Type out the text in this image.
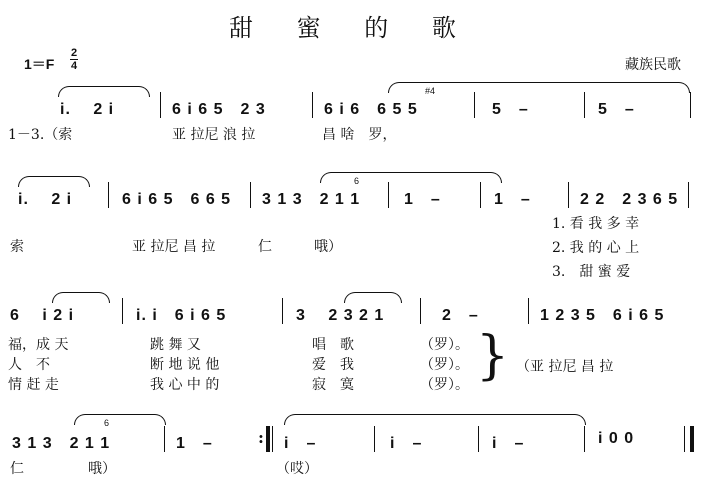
甜 蜜 的 歌
1＝F
2
4	藏族民歌
i.　 2 i	6 i 6 5　2 3	6 i 6　6 5 5
#4
5　–	5　–
1－3.（索	亚 拉尼 浪 拉	昌 啥　罗，
i.　 2 i	6 i 6 5　6 6 5 3 1 3　2 1 1
6
1　–	1　–	2 2　2 3 6 5
索	亚 拉尼 昌 拉	仁	哦）
1. 看 我 多 幸
2. 我 的 心 上
3.　甜 蜜 爱
6　 i 2 i	i. i　6 i 6 5	3　 2 3 2 1	2　–	1 2 3 5　6 i 6 5
福，成 天	跳 舞 又	唱　歌	（罗）。
人　不	断 地 说 他	爱　我	（罗）。
情 赶 走	我 心 中 的	寂　寞	（罗）。 } （亚 拉尼 昌 拉
3 1 3　2 1 1
6
1　–	: i　–	i　–	i　–	i 0 0
仁	哦）	（哎）
